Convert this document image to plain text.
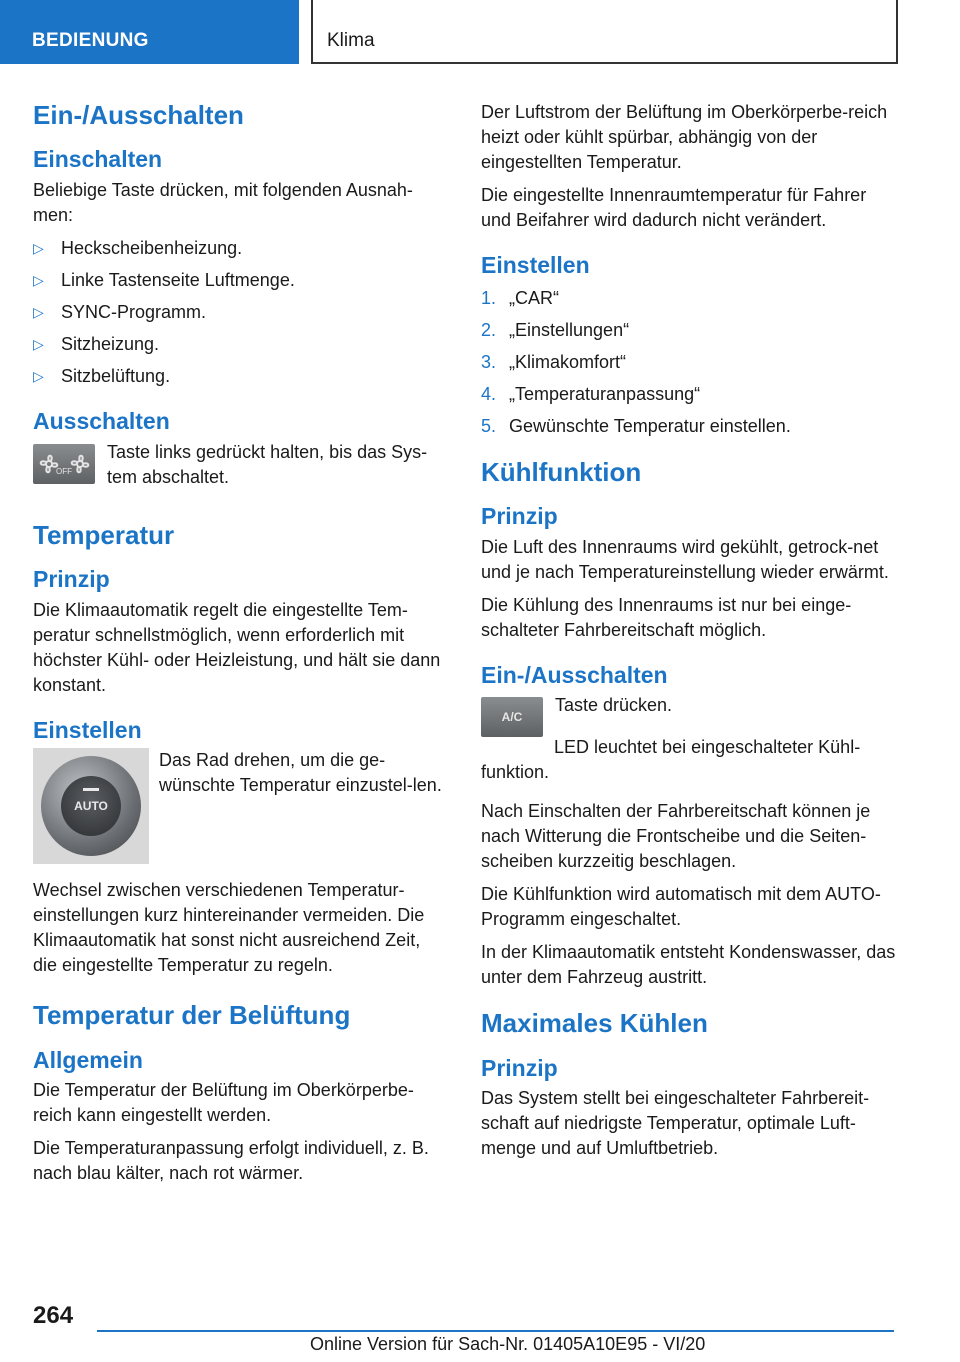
BEDIENUNG	Klima
Ein-/Ausschalten
Einschalten

Beliebige Taste drücken, mit folgenden Ausnah-men:

▷ Heckscheibenheizung.
▷ Linke Tastenseite Luftmenge.
▷ SYNC-Programm.
▷ Sitzheizung.
▷ Sitzbelüftung.
Ausschalten
OFF

Taste links gedrückt halten, bis das Sys-tem abschaltet.

Temperatur
Prinzip

Die Klimaautomatik regelt die eingestellte Tem-peratur schnellstmöglich, wenn erforderlich mit höchster Kühl- oder Heizleistung, und hält sie dann konstant.

Einstellen
AUTO

Das Rad drehen, um die ge-wünschte Temperatur einzustel-len.

Wechsel zwischen verschiedenen Temperatur-einstellungen kurz hintereinander vermeiden. Die Klimaautomatik hat sonst nicht ausreichend Zeit, die eingestellte Temperatur zu regeln.

Temperatur der Belüftung
Allgemein

Die Temperatur der Belüftung im Oberkörperbe-reich kann eingestellt werden.

Die Temperaturanpassung erfolgt individuell, z. B. nach blau kälter, nach rot wärmer.

Der Luftstrom der Belüftung im Oberkörperbe-reich heizt oder kühlt spürbar, abhängig von der eingestellten Temperatur.

Die eingestellte Innenraumtemperatur für Fahrer und Beifahrer wird dadurch nicht verändert.

Einstellen
1. „CAR“
2. „Einstellungen“
3. „Klimakomfort“
4. „Temperaturanpassung“
5. Gewünschte Temperatur einstellen.
Kühlfunktion
Prinzip

Die Luft des Innenraums wird gekühlt, getrock-net und je nach Temperatureinstellung wieder erwärmt.

Die Kühlung des Innenraums ist nur bei einge-schalteter Fahrbereitschaft möglich.

Ein-/Ausschalten
A/C

Taste drücken.

LED leuchtet bei eingeschalteter Kühl-funktion.

Nach Einschalten der Fahrbereitschaft können je nach Witterung die Frontscheibe und die Seiten-scheiben kurzzeitig beschlagen.

Die Kühlfunktion wird automatisch mit dem AUTO-Programm eingeschaltet.

In der Klimaautomatik entsteht Kondenswasser, das unter dem Fahrzeug austritt.

Maximales Kühlen
Prinzip

Das System stellt bei eingeschalteter Fahrbereit-schaft auf niedrigste Temperatur, optimale Luft-menge und auf Umluftbetrieb.

264
Online Version für Sach-Nr. 01405A10E95 - VI/20
